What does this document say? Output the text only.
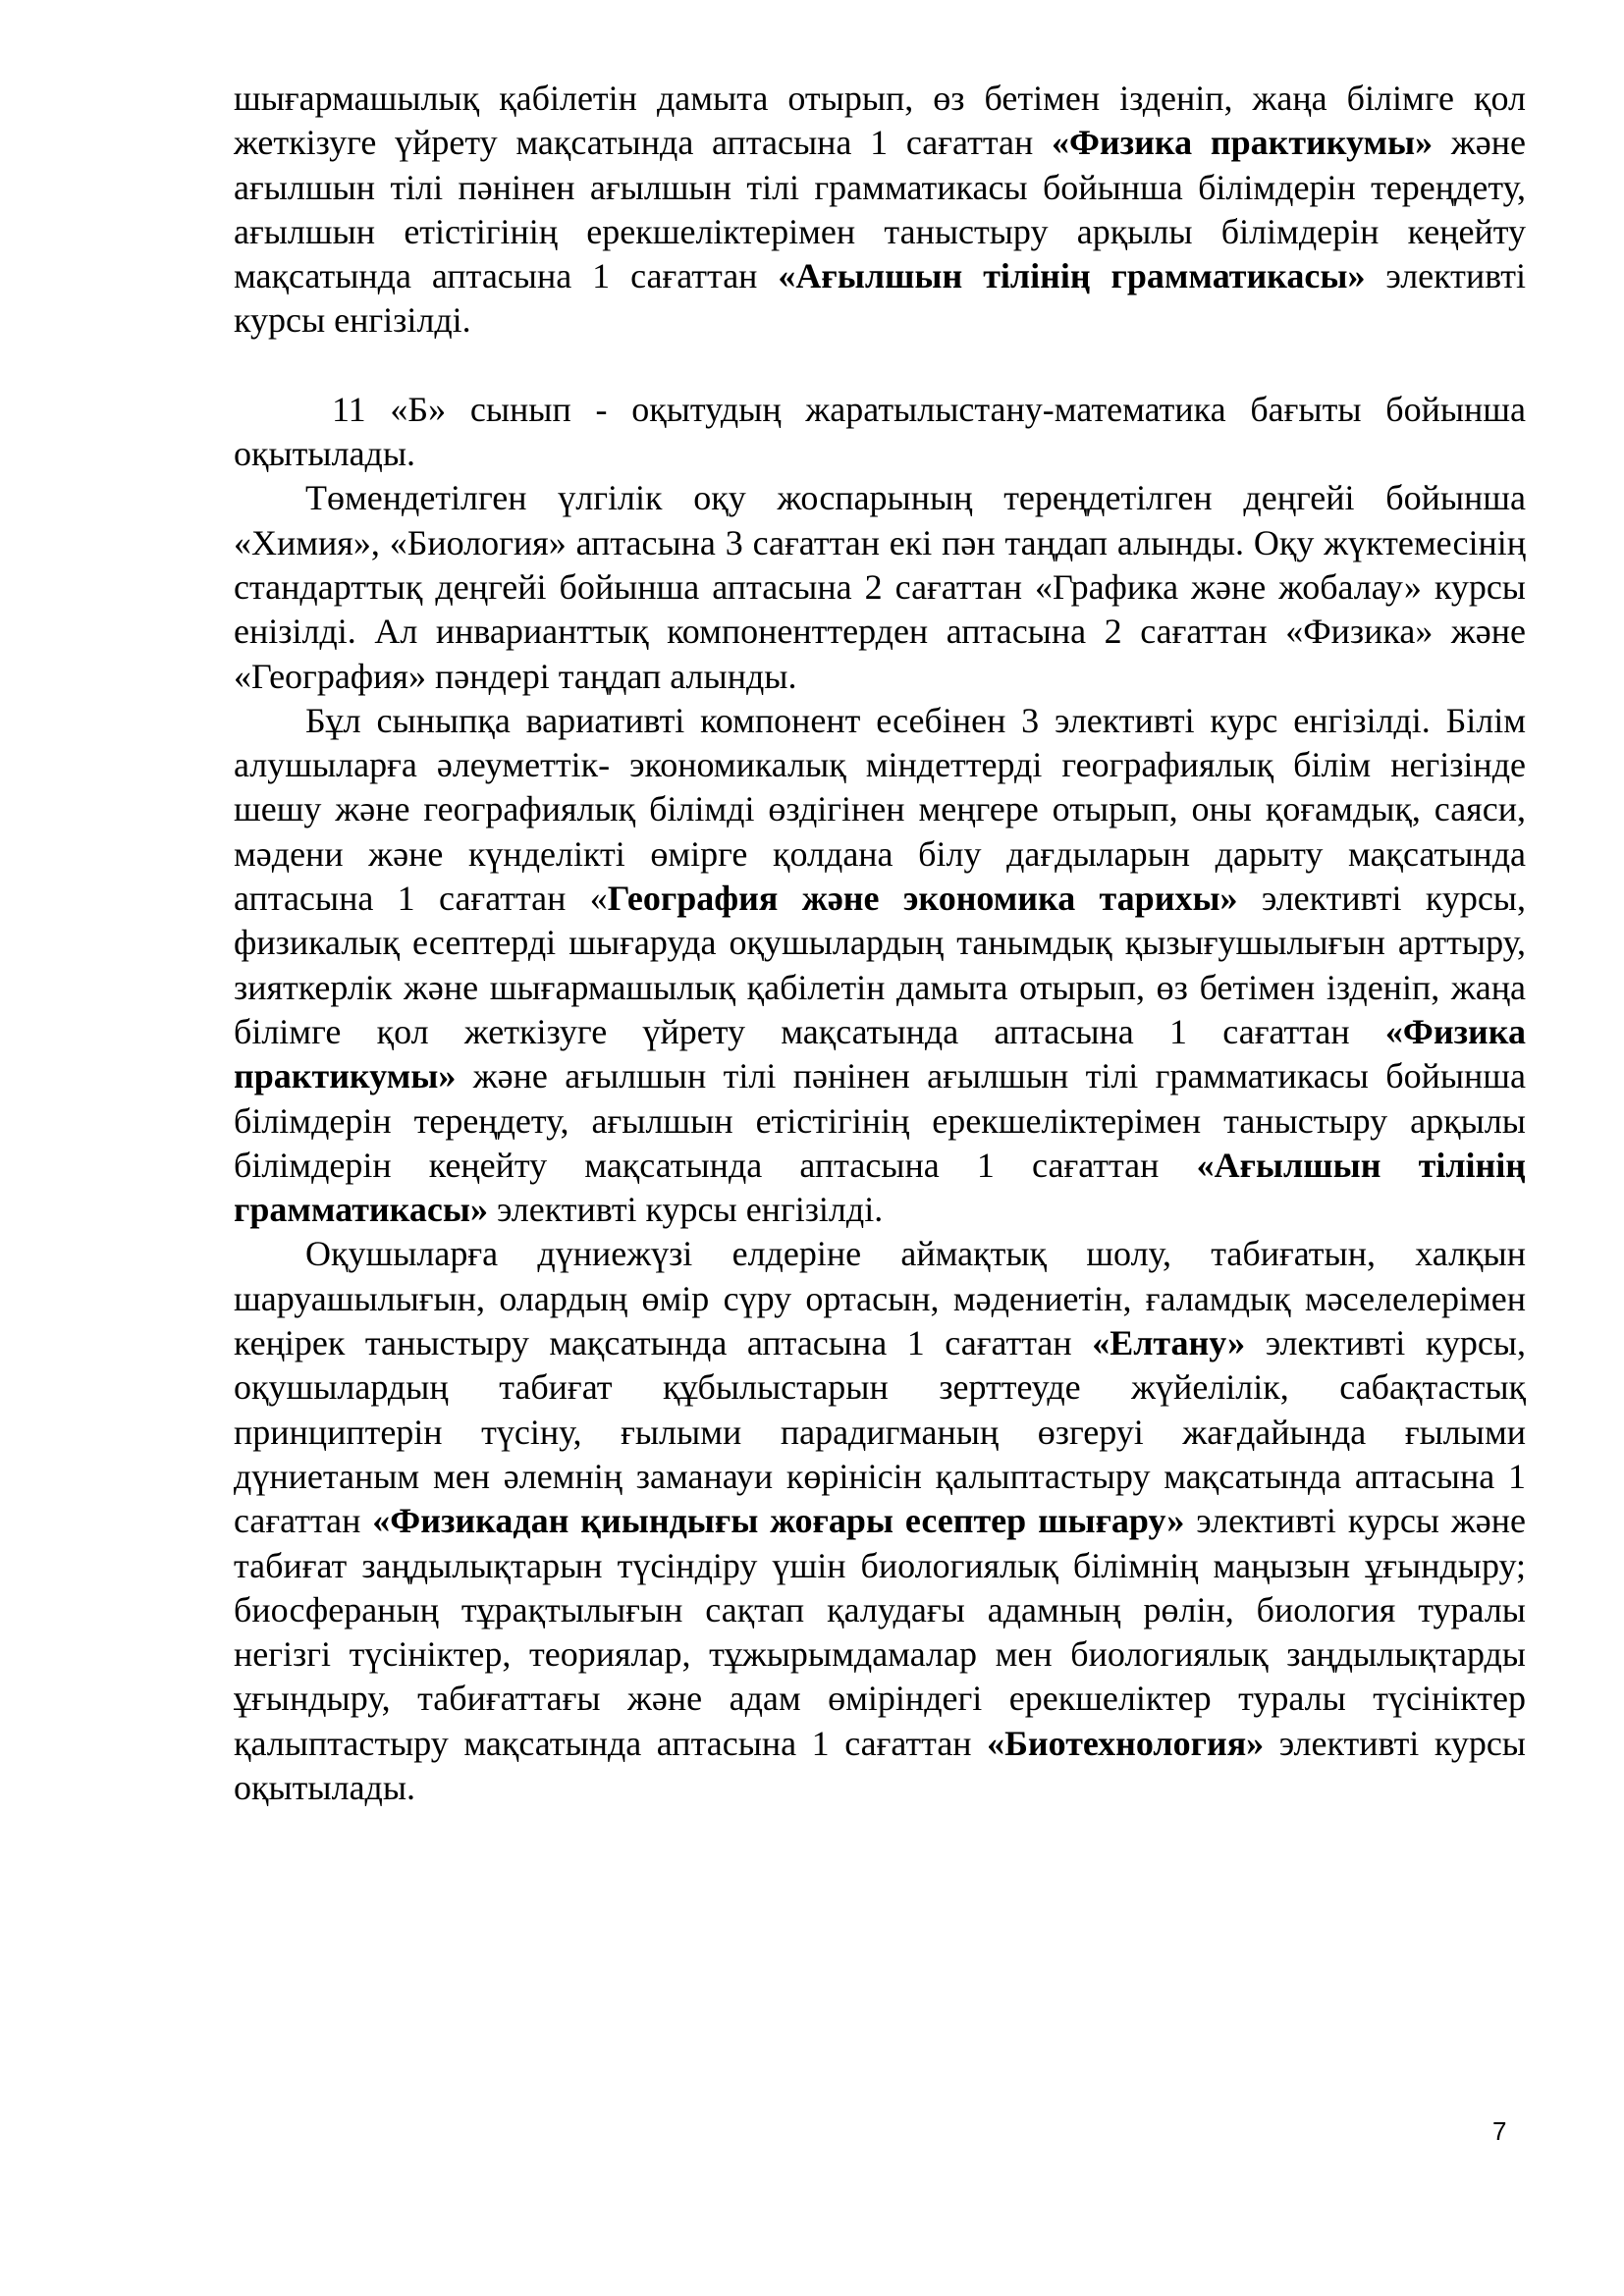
шығармашылық қабілетін дамыта отырып, өз бетімен ізденіп, жаңа білімге қол жеткізуге үйрету мақсатында аптасына 1 сағаттан «Физика практикумы» және ағылшын тілі пәнінен ағылшын тілі грамматикасы бойынша білімдерін тереңдету, ағылшын етістігінің ерекшеліктерімен таныстыру арқылы білімдерін кеңейту мақсатында аптасына 1 сағаттан «Ағылшын тілінің грамматикасы» элективті курсы енгізілді.

11 «Б» сынып - оқытудың жаратылыстану-математика бағыты бойынша оқытылады.

Төмендетілген үлгілік оқу жоспарының тереңдетілген деңгейі бойынша «Химия», «Биология» аптасына 3 сағаттан екі пән таңдап алынды. Оқу жүктемесінің стандарттық деңгейі бойынша аптасына 2 сағаттан «Графика және жобалау» курсы енізілді. Ал инварианттық компоненттерден аптасына 2 сағаттан «Физика» және «География» пәндері таңдап алынды.

Бұл сыныпқа вариативті компонент есебінен 3 элективті курс енгізілді. Білім алушыларға әлеуметтік- экономикалық міндеттерді географиялық білім негізінде шешу және географиялық білімді өздігінен меңгере отырып, оны қоғамдық, саяси, мәдени және күнделікті өмірге қолдана білу дағдыларын дарыту мақсатында аптасына 1 сағаттан «География және экономика тарихы» элективті курсы, физикалық есептерді шығаруда оқушылардың танымдық қызығушылығын арттыру, зияткерлік және шығармашылық қабілетін дамыта отырып, өз бетімен ізденіп, жаңа білімге қол жеткізуге үйрету мақсатында аптасына 1 сағаттан «Физика практикумы» және ағылшын тілі пәнінен ағылшын тілі грамматикасы бойынша білімдерін тереңдету, ағылшын етістігінің ерекшеліктерімен таныстыру арқылы білімдерін кеңейту мақсатында аптасына 1 сағаттан «Ағылшын тілінің грамматикасы» элективті курсы енгізілді.

Оқушыларға дүниежүзі елдеріне аймақтық шолу, табиғатын, халқын шаруашылығын, олардың өмір сүру ортасын, мәдениетін, ғаламдық мәселелерімен кеңірек таныстыру мақсатында аптасына 1 сағаттан «Елтану» элективті курсы, оқушылардың табиғат құбылыстарын зерттеуде жүйелілік, сабақтастық принциптерін түсіну, ғылыми парадигманың өзгеруі жағдайында ғылыми дүниетаным мен әлемнің заманауи көрінісін қалыптастыру мақсатында аптасына 1 сағаттан «Физикадан қиындығы жоғары есептер шығару» элективті курсы және табиғат заңдылықтарын түсіндіру үшін биологиялық білімнің маңызын ұғындыру; биосфераның тұрақтылығын сақтап қалудағы адамның рөлін, биология туралы негізгі түсініктер, теориялар, тұжырымдамалар мен биологиялық заңдылықтарды ұғындыру, табиғаттағы және адам өміріндегі ерекшеліктер туралы түсініктер қалыптастыру мақсатында аптасына 1 сағаттан «Биотехнология» элективті курсы оқытылады.

7
